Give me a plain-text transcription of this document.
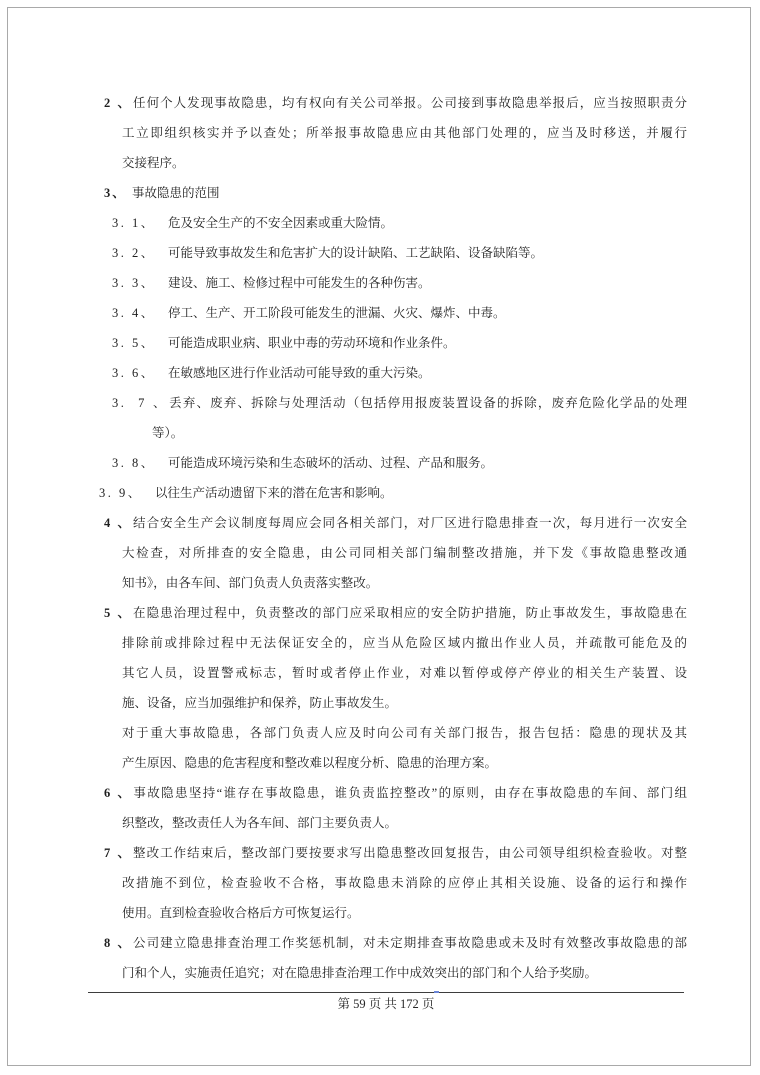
2、任何个人发现事故隐患，均有权向有关公司举报。公司接到事故隐患举报后，应当按照职责分
工立即组织核实并予以查处；所举报事故隐患应由其他部门处理的，应当及时移送，并履行
交接程序。
3、 事故隐患的范围
3. 1、 危及安全生产的不安全因素或重大险情。
3. 2、 可能导致事故发生和危害扩大的设计缺陷、工艺缺陷、设备缺陷等。
3. 3、 建设、施工、检修过程中可能发生的各种伤害。
3. 4、 停工、生产、开工阶段可能发生的泄漏、火灾、爆炸、中毒。
3. 5、 可能造成职业病、职业中毒的劳动环境和作业条件。
3. 6、 在敏感地区进行作业活动可能导致的重大污染。
3. 7、丢弃、废弃、拆除与处理活动（包括停用报废装置设备的拆除，废弃危险化学品的处理
等）。
3. 8、 可能造成环境污染和生态破坏的活动、过程、产品和服务。
3. 9、 以往生产活动遗留下来的潜在危害和影响。
4、结合安全生产会议制度每周应会同各相关部门，对厂区进行隐患排查一次，每月进行一次安全
大检查，对所排查的安全隐患，由公司同相关部门编制整改措施，并下发《事故隐患整改通
知书》，由各车间、部门负责人负责落实整改。
5、在隐患治理过程中，负责整改的部门应采取相应的安全防护措施，防止事故发生，事故隐患在
排除前或排除过程中无法保证安全的，应当从危险区域内撤出作业人员，并疏散可能危及的
其它人员，设置警戒标志，暂时或者停止作业，对难以暂停或停产停业的相关生产装置、设
施、设备，应当加强维护和保养，防止事故发生。
对于重大事故隐患，各部门负责人应及时向公司有关部门报告，报告包括：隐患的现状及其
产生原因、隐患的危害程度和整改难以程度分析、隐患的治理方案。
6、事故隐患坚持“谁存在事故隐患，谁负责监控整改”的原则，由存在事故隐患的车间、部门组
织整改，整改责任人为各车间、部门主要负责人。
7、整改工作结束后，整改部门要按要求写出隐患整改回复报告，由公司领导组织检查验收。对整
改措施不到位，检查验收不合格，事故隐患未消除的应停止其相关设施、设备的运行和操作
使用。直到检查验收合格后方可恢复运行。
8、公司建立隐患排查治理工作奖惩机制，对未定期排查事故隐患或未及时有效整改事故隐患的部
门和个人，实施责任追究；对在隐患排查治理工作中成效突出的部门和个人给予奖励。
第 59 页 共 172 页
